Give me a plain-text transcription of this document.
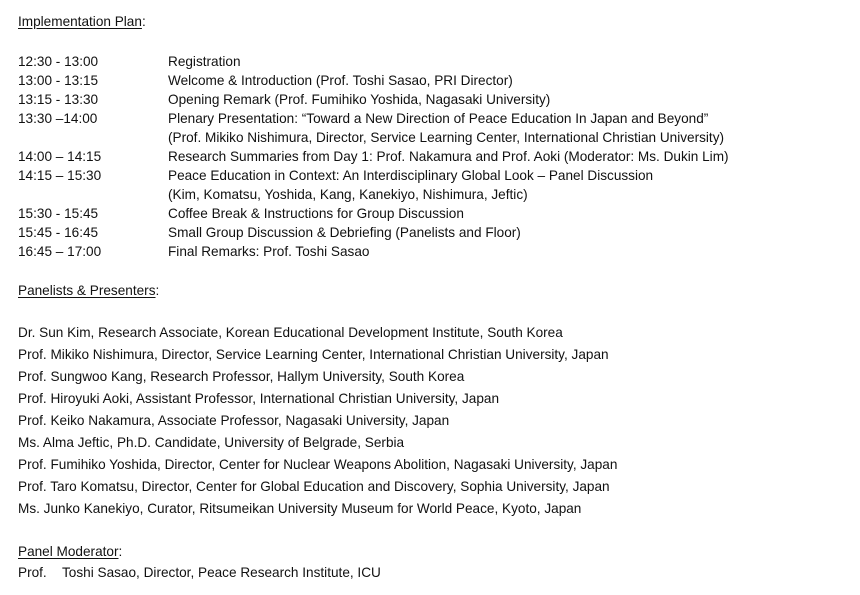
Implementation Plan:
12:30 - 13:00	Registration
13:00 - 13:15	Welcome & Introduction (Prof. Toshi Sasao, PRI Director)
13:15 - 13:30	Opening Remark (Prof. Fumihiko Yoshida, Nagasaki University)
13:30 –14:00	Plenary Presentation: “Toward a New Direction of Peace Education In Japan and Beyond”
(Prof. Mikiko Nishimura, Director, Service Learning Center, International Christian University)
14:00 – 14:15	Research Summaries from Day 1: Prof. Nakamura and Prof. Aoki (Moderator: Ms. Dukin Lim)
14:15 – 15:30	Peace Education in Context: An Interdisciplinary Global Look – Panel Discussion
(Kim, Komatsu, Yoshida, Kang, Kanekiyo, Nishimura, Jeftic)
15:30 - 15:45	Coffee Break & Instructions for Group Discussion
15:45 - 16:45	Small Group Discussion & Debriefing (Panelists and Floor)
16:45 – 17:00	Final Remarks: Prof. Toshi Sasao
Panelists & Presenters:
Dr. Sun Kim, Research Associate, Korean Educational Development Institute, South Korea
Prof. Mikiko Nishimura, Director, Service Learning Center, International Christian University, Japan
Prof. Sungwoo Kang, Research Professor, Hallym University, South Korea
Prof. Hiroyuki Aoki, Assistant Professor, International Christian University, Japan
Prof. Keiko Nakamura, Associate Professor, Nagasaki University, Japan
Ms. Alma Jeftic, Ph.D. Candidate, University of Belgrade, Serbia
Prof. Fumihiko Yoshida, Director, Center for Nuclear Weapons Abolition, Nagasaki University, Japan
Prof. Taro Komatsu, Director, Center for Global Education and Discovery, Sophia University, Japan
Ms. Junko Kanekiyo, Curator, Ritsumeikan University Museum for World Peace, Kyoto, Japan
Panel Moderator:
Prof. Toshi Sasao, Director, Peace Research Institute, ICU
